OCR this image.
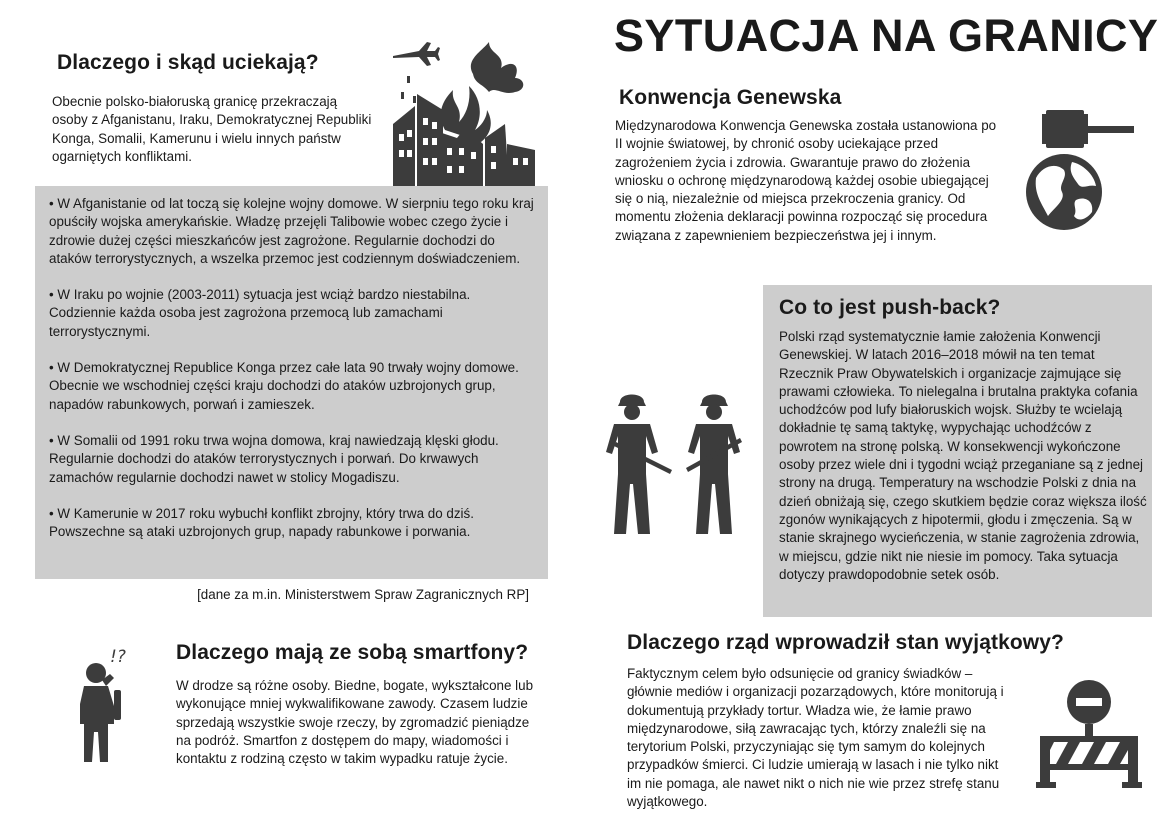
SYTUACJA NA GRANICY
Dlaczego i skąd uciekają?
Obecnie polsko-białoruską granicę przekraczają osoby z Afganistanu, Iraku, Demokratycznej Republiki Konga, Somalii, Kamerunu i wielu innych państw ogarniętych konfliktami.

• W Afganistanie od lat toczą się kolejne wojny domowe. W sierpniu tego roku kraj opuściły wojska amerykańskie. Władzę przejęli Talibowie wobec czego życie i zdrowie dużej części mieszkańców jest zagrożone. Regularnie dochodzi do ataków terrorystycznych, a wszelka przemoc jest codziennym doświadczeniem.

• W Iraku po wojnie (2003-2011) sytuacja jest wciąż bardzo niestabilna. Codziennie każda osoba jest zagrożona przemocą lub zamachami terrorystycznymi.

• W Demokratycznej Republice Konga przez całe lata 90 trwały wojny domowe. Obecnie we wschodniej części kraju dochodzi do ataków uzbrojonych grup, napadów rabunkowych, porwań i zamieszek.

• W Somalii od 1991 roku trwa wojna domowa, kraj nawiedzają klęski głodu. Regularnie dochodzi do ataków terrorystycznych i porwań. Do krwawych zamachów regularnie dochodzi nawet w stolicy Mogadiszu.

• W Kamerunie w 2017 roku wybuchł konflikt zbrojny, który trwa do dziś. Powszechne są ataki uzbrojonych grup, napady rabunkowe i porwania.

[dane za m.in. Ministerstwem Spraw Zagranicznych RP]
Dlaczego mają ze sobą smartfony?
W drodze są różne osoby. Biedne, bogate, wykształcone lub wykonujące mniej wykwalifikowane zawody. Czasem ludzie sprzedają wszystkie swoje rzeczy, by zgromadzić pieniądze na podróż. Smartfon z dostępem do mapy, wiadomości i kontaktu z rodziną często w takim wypadku ratuje życie.
!?
Konwencja Genewska
Międzynarodowa Konwencja Genewska została ustanowiona po II wojnie światowej, by chronić osoby uciekające przed zagrożeniem życia i zdrowia. Gwarantuje prawo do złożenia wniosku o ochronę międzynarodową każdej osobie ubiegającej się o nią, niezależnie od miejsca przekroczenia granicy. Od momentu złożenia deklaracji powinna rozpocząć się procedura związana z zapewnieniem bezpieczeństwa jej i innym.
Co to jest push-back?
Polski rząd systematycznie łamie założenia Konwencji Genewskiej. W latach 2016–2018 mówił na ten temat Rzecznik Praw Obywatelskich i organizacje zajmujące się prawami człowieka. To nielegalna i brutalna praktyka cofania uchodźców pod lufy białoruskich wojsk. Służby te wcielają dokładnie tę samą taktykę, wypychając uchodźców z powrotem na stronę polską. W konsekwencji wykończone osoby przez wiele dni i tygodni wciąż przeganiane są z jednej strony na drugą. Temperatury na wschodzie Polski z dnia na dzień obniżają się, czego skutkiem będzie coraz większa ilość zgonów wynikających z hipotermii, głodu i zmęczenia. Są w stanie skrajnego wycieńczenia, w stanie zagrożenia zdrowia, w miejscu, gdzie nikt nie niesie im pomocy. Taka sytuacja dotyczy prawdopodobnie setek osób.
Dlaczego rząd wprowadził stan wyjątkowy?
Faktycznym celem było odsunięcie od granicy świadków – głównie mediów i organizacji pozarządowych, które monitorują i dokumentują przykłady tortur. Władza wie, że łamie prawo międzynarodowe, siłą zawracając tych, którzy znaleźli się na terytorium Polski, przyczyniając się tym samym do kolejnych przypadków śmierci. Ci ludzie umierają w lasach i nie tylko nikt im nie pomaga, ale nawet nikt o nich nie wie przez strefę stanu wyjątkowego.
